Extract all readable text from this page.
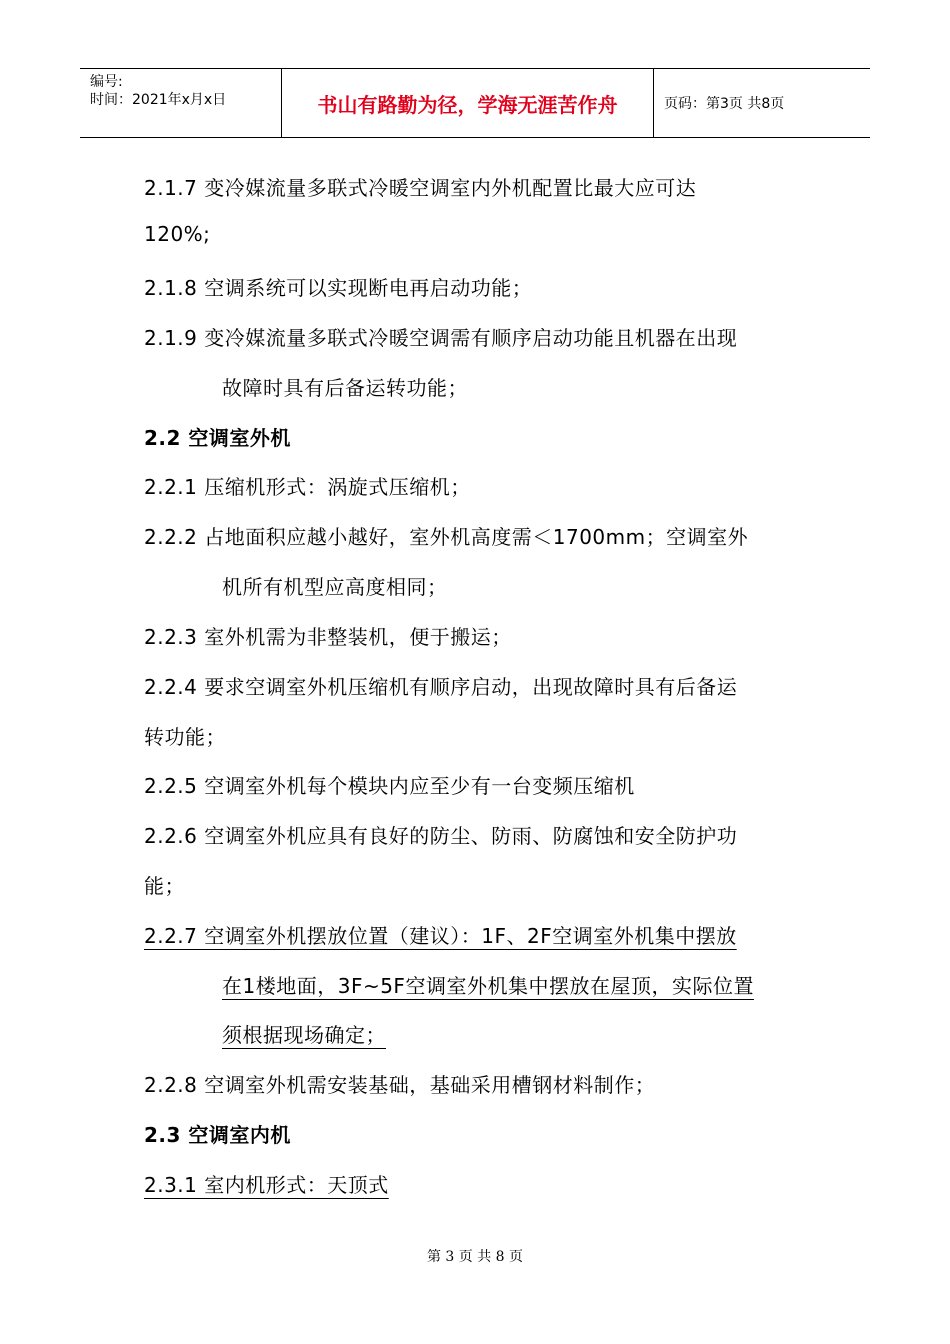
编号:
时间：2021年x月x日	书山有路勤为径，学海无涯苦作舟	页码：第3页 共8页
2.1.7 变冷媒流量多联式冷暖空调室内外机配置比最大应可达
120%;
2.1.8 空调系统可以实现断电再启动功能；
2.1.9 变冷媒流量多联式冷暖空调需有顺序启动功能且机器在出现
故障时具有后备运转功能；
2.2 空调室外机
2.2.1 压缩机形式：涡旋式压缩机；
2.2.2 占地面积应越小越好，室外机高度需＜1700mm；空调室外
机所有机型应高度相同；
2.2.3 室外机需为非整装机，便于搬运；
2.2.4 要求空调室外机压缩机有顺序启动，出现故障时具有后备运
转功能；
2.2.5 空调室外机每个模块内应至少有一台变频压缩机
2.2.6 空调室外机应具有良好的防尘、防雨、防腐蚀和安全防护功
能；
2.2.7 空调室外机摆放位置（建议）：1F、2F空调室外机集中摆放
在1楼地面，3F~5F空调室外机集中摆放在屋顶，实际位置
须根据现场确定；
2.2.8 空调室外机需安装基础，基础采用槽钢材料制作；
2.3 空调室内机
2.3.1 室内机形式：天顶式
第 3 页 共 8 页
